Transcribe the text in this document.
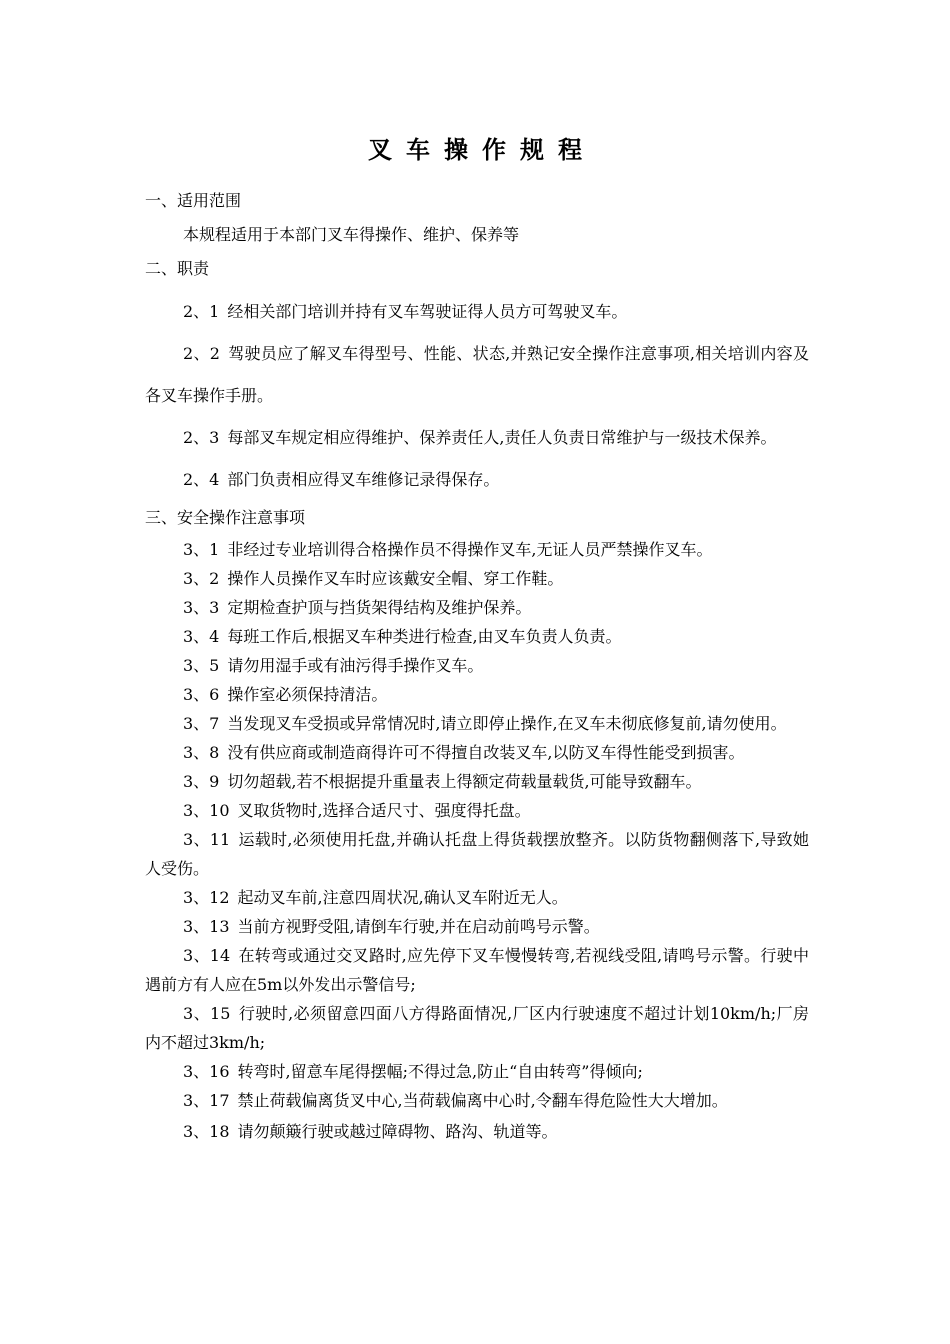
叉车操作规程

一、适用范围

本规程适用于本部门叉车得操作、维护、保养等

二、职责

2、1 经相关部门培训并持有叉车驾驶证得人员方可驾驶叉车。

2、2 驾驶员应了解叉车得型号、性能、状态,并熟记安全操作注意事项,相关培训内容及各叉车操作手册。

2、3 每部叉车规定相应得维护、保养责任人,责任人负责日常维护与一级技术保养。

2、4 部门负责相应得叉车维修记录得保存。

三、安全操作注意事项

3、1 非经过专业培训得合格操作员不得操作叉车,无证人员严禁操作叉车。

3、2 操作人员操作叉车时应该戴安全帽、穿工作鞋。

3、3 定期检查护顶与挡货架得结构及维护保养。

3、4 每班工作后,根据叉车种类进行检查,由叉车负责人负责。

3、5 请勿用湿手或有油污得手操作叉车。

3、6 操作室必须保持清洁。

3、7 当发现叉车受损或异常情况时,请立即停止操作,在叉车未彻底修复前,请勿使用。

3、8 没有供应商或制造商得许可不得擅自改装叉车,以防叉车得性能受到损害。

3、9 切勿超载,若不根据提升重量表上得额定荷载量载货,可能导致翻车。

3、10 叉取货物时,选择合适尺寸、强度得托盘。

3、11 运载时,必须使用托盘,并确认托盘上得货载摆放整齐。以防货物翻侧落下,导致她人受伤。

3、12 起动叉车前,注意四周状况,确认叉车附近无人。

3、13 当前方视野受阻,请倒车行驶,并在启动前鸣号示警。

3、14 在转弯或通过交叉路时,应先停下叉车慢慢转弯,若视线受阻,请鸣号示警。行驶中遇前方有人应在5m以外发出示警信号;

3、15 行驶时,必须留意四面八方得路面情况,厂区内行驶速度不超过计划10km/h;厂房内不超过3km/h;

3、16 转弯时,留意车尾得摆幅;不得过急,防止“自由转弯”得倾向;

3、17 禁止荷载偏离货叉中心,当荷载偏离中心时,令翻车得危险性大大增加。

3、18 请勿颠簸行驶或越过障碍物、路沟、轨道等。
